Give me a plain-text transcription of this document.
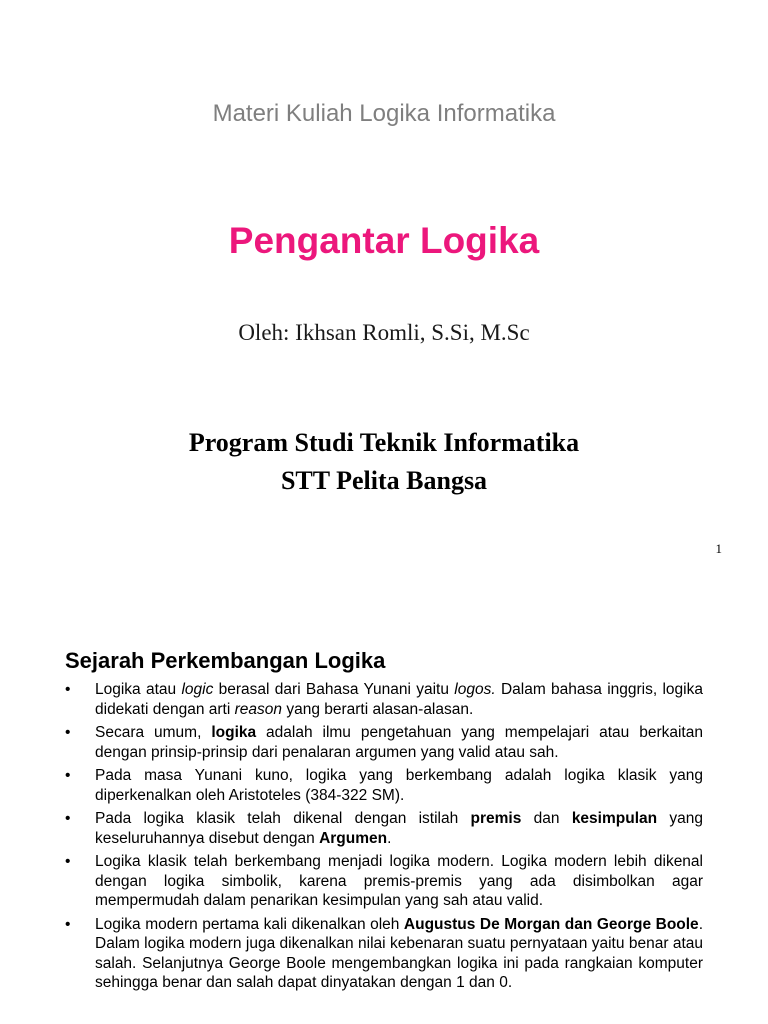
Materi Kuliah Logika Informatika
Pengantar Logika
Oleh: Ikhsan Romli, S.Si, M.Sc
Program Studi Teknik Informatika
STT Pelita Bangsa
1
Sejarah Perkembangan Logika
• Logika atau logic berasal dari Bahasa Yunani yaitu logos. Dalam bahasa inggris, logika didekati dengan arti reason yang berarti alasan-alasan.
• Secara umum, logika adalah ilmu pengetahuan yang mempelajari atau berkaitan dengan prinsip-prinsip dari penalaran argumen yang valid atau sah.
• Pada masa Yunani kuno, logika yang berkembang adalah logika klasik yang diperkenalkan oleh Aristoteles (384-322 SM).
• Pada logika klasik telah dikenal dengan istilah premis dan kesimpulan yang keseluruhannya disebut dengan Argumen.
• Logika klasik telah berkembang menjadi logika modern. Logika modern lebih dikenal dengan logika simbolik, karena premis-premis yang ada disimbolkan agar mempermudah dalam penarikan kesimpulan yang sah atau valid.
• Logika modern pertama kali dikenalkan oleh Augustus De Morgan dan George Boole. Dalam logika modern juga dikenalkan nilai kebenaran suatu pernyataan yaitu benar atau salah. Selanjutnya George Boole mengembangkan logika ini pada rangkaian komputer sehingga benar dan salah dapat dinyatakan dengan 1 dan 0.
